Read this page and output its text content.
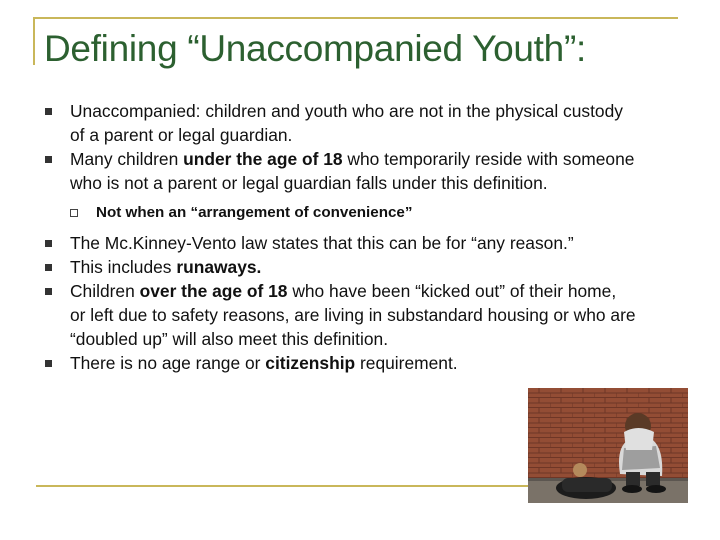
Defining “Unaccompanied Youth”:
Unaccompanied: children and youth who are not in the physical custody of a parent or legal guardian.
Many children under the age of 18 who temporarily reside with someone who is not a parent or legal guardian falls under this definition.
Not when an “arrangement of convenience”
The Mc.Kinney-Vento law states that this can be for “any reason.”
This includes runaways.
Children over the age of 18 who have been “kicked out” of their home, or left due to safety reasons, are living in substandard housing or who are “doubled up” will also meet this definition.
There is no age range or citizenship requirement.
